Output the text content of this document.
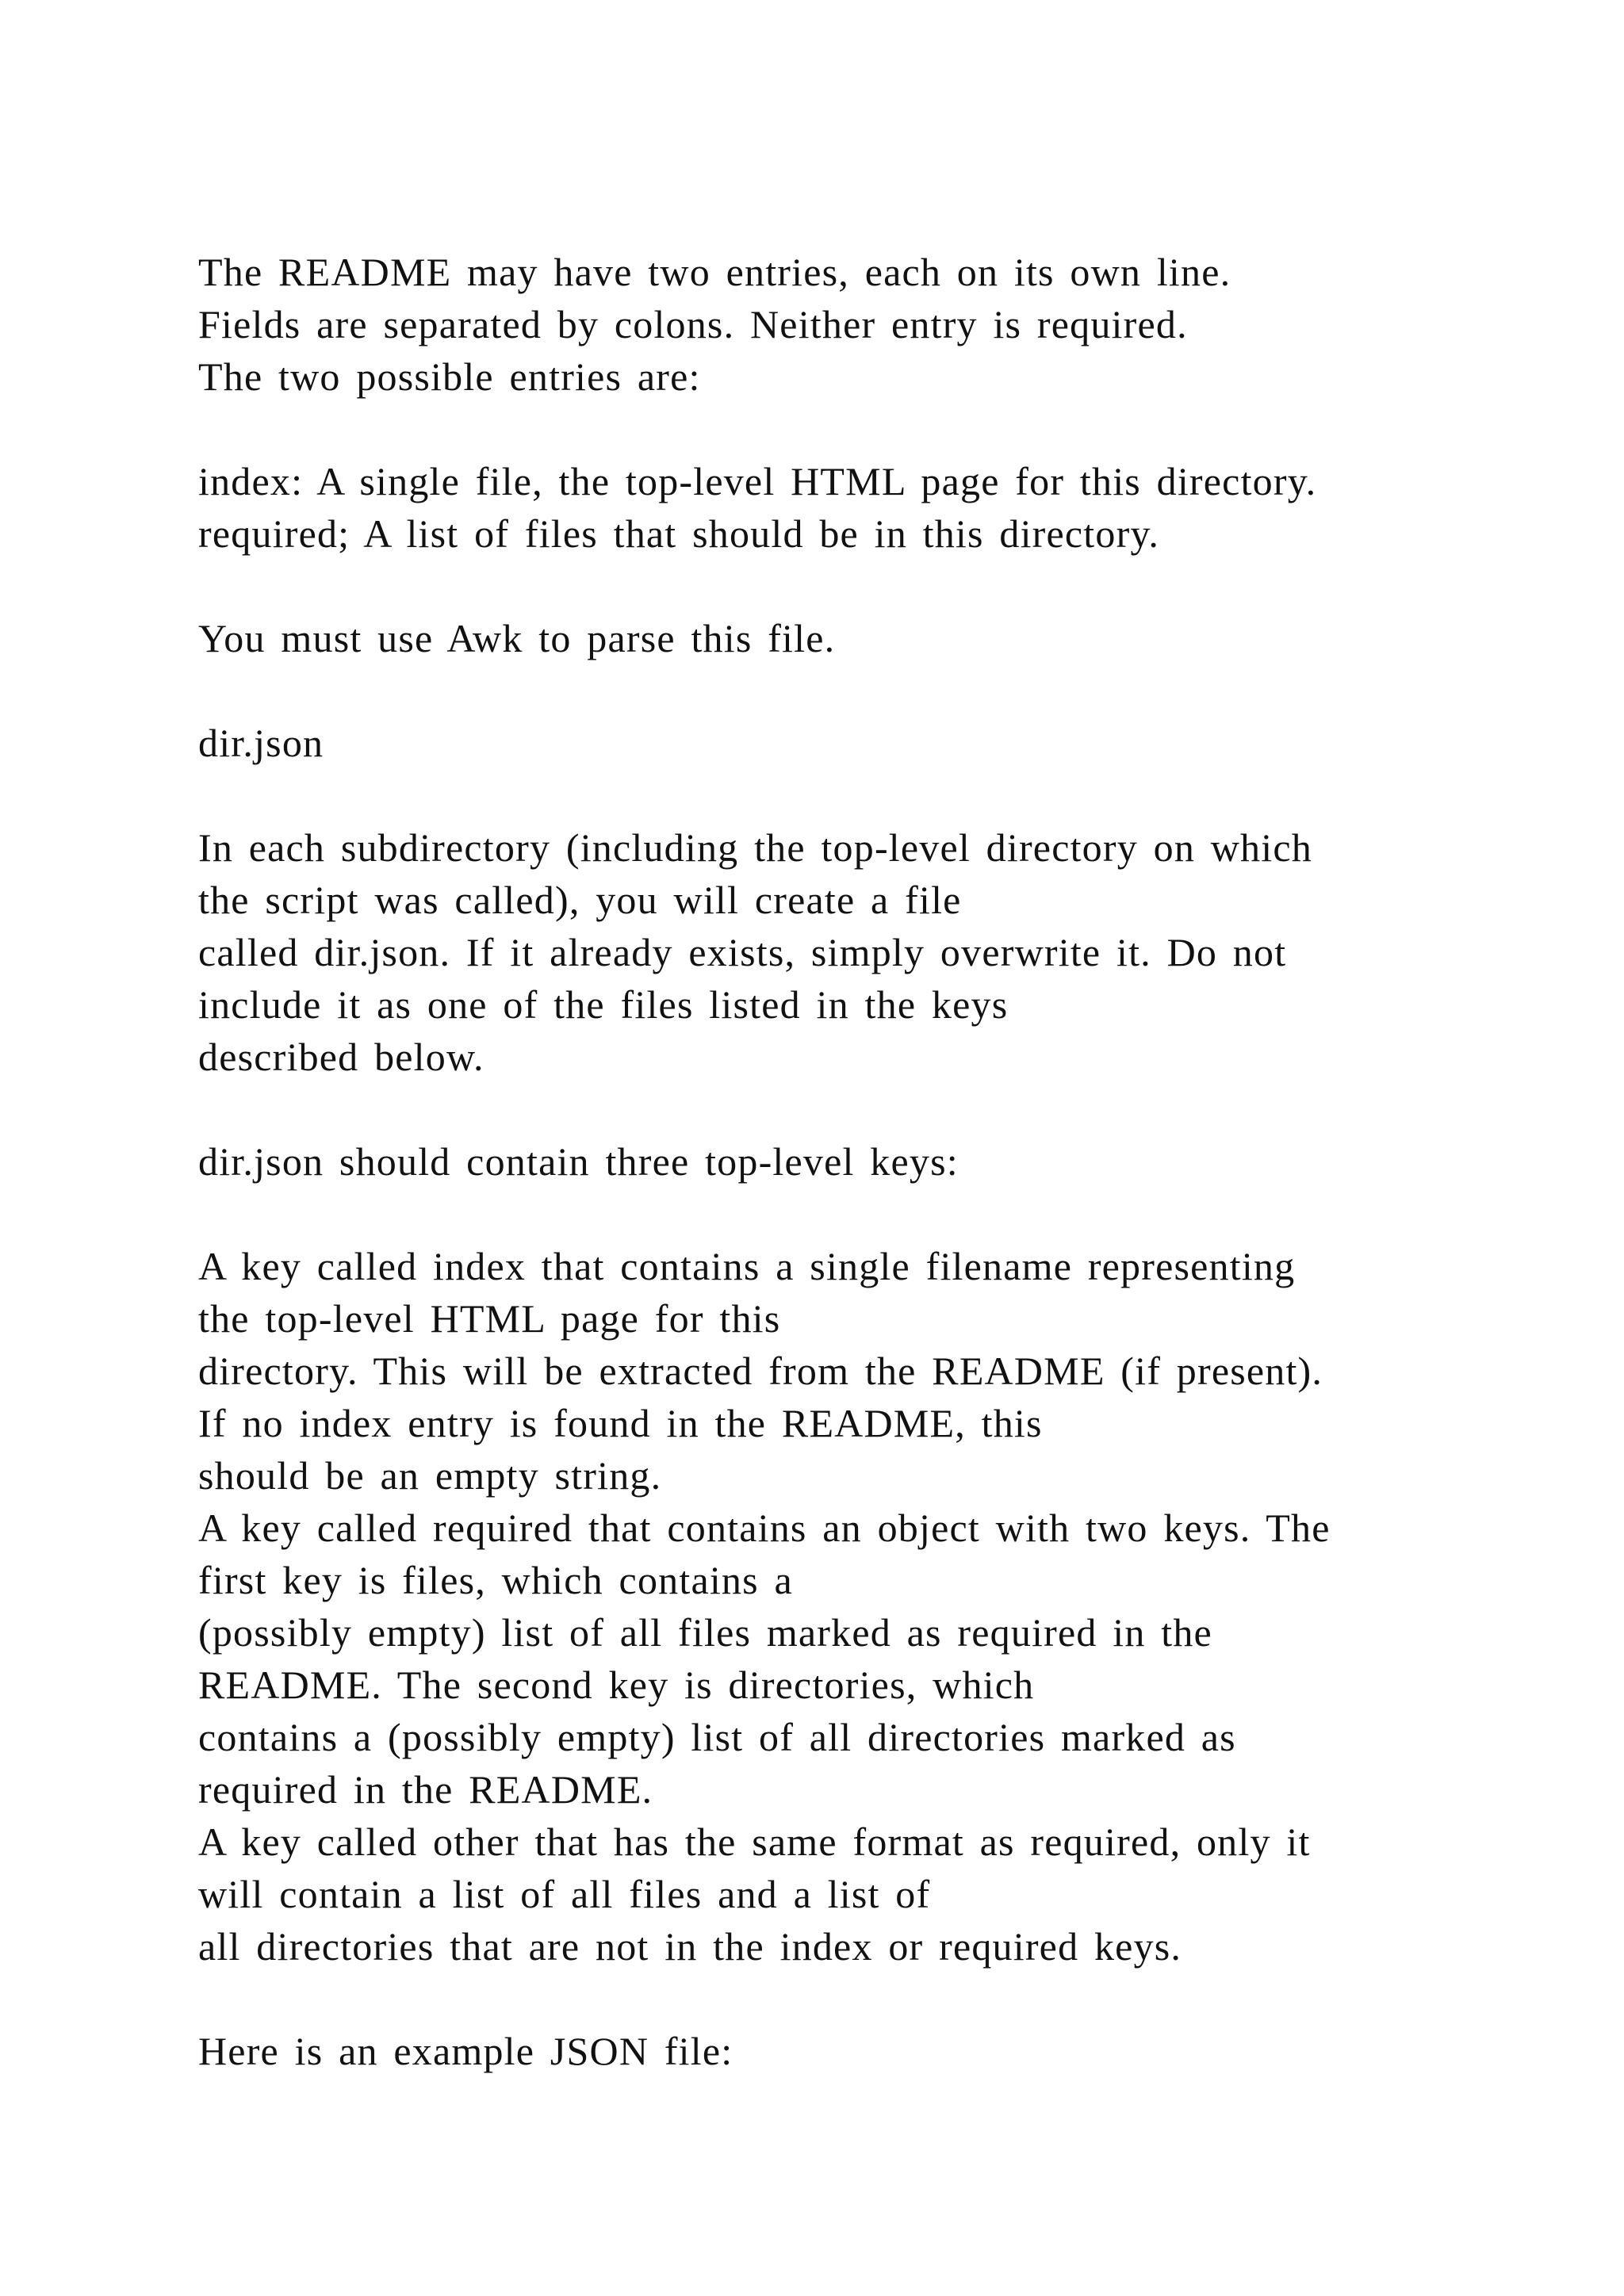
The README may have two entries, each on its own line.
Fields are separated by colons. Neither entry is required.
The two possible entries are:
index: A single file, the top-level HTML page for this directory.
required; A list of files that should be in this directory.
You must use Awk to parse this file.
dir.json
In each subdirectory (including the top-level directory on which
the script was called), you will create a file
called dir.json. If it already exists, simply overwrite it. Do not
include it as one of the files listed in the keys
described below.
dir.json should contain three top-level keys:
A key called index that contains a single filename representing
the top-level HTML page for this
directory. This will be extracted from the README (if present).
If no index entry is found in the README, this
should be an empty string.
A key called required that contains an object with two keys. The
first key is files, which contains a
(possibly empty) list of all files marked as required in the
README. The second key is directories, which
contains a (possibly empty) list of all directories marked as
required in the README.
A key called other that has the same format as required, only it
will contain a list of all files and a list of
all directories that are not in the index or required keys.
Here is an example JSON file:
